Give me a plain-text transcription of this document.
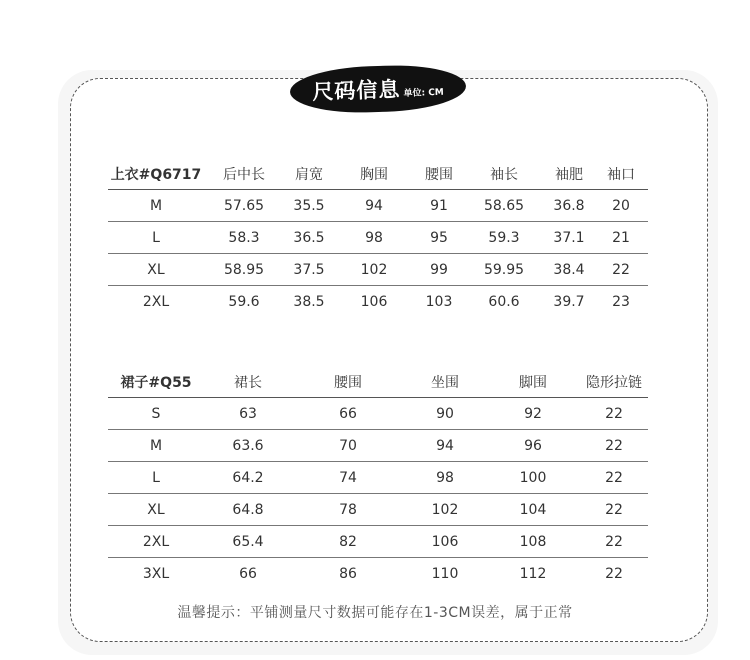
尺码信息 单位: CM
上衣#Q6717	后中长	肩宽	胸围	腰围	袖长	袖肥	袖口
M	57.65	35.5	94	91	58.65	36.8	20
L	58.3	36.5	98	95	59.3	37.1	21
XL	58.95	37.5	102	99	59.95	38.4	22
2XL	59.6	38.5	106	103	60.6	39.7	23
裙子#Q55	裙长	腰围	坐围	脚围	隐形拉链
S	63	66	90	92	22
M	63.6	70	94	96	22
L	64.2	74	98	100	22
XL	64.8	78	102	104	22
2XL	65.4	82	106	108	22
3XL	66	86	110	112	22
温馨提示：平铺测量尺寸数据可能存在1-3CM误差，属于正常
